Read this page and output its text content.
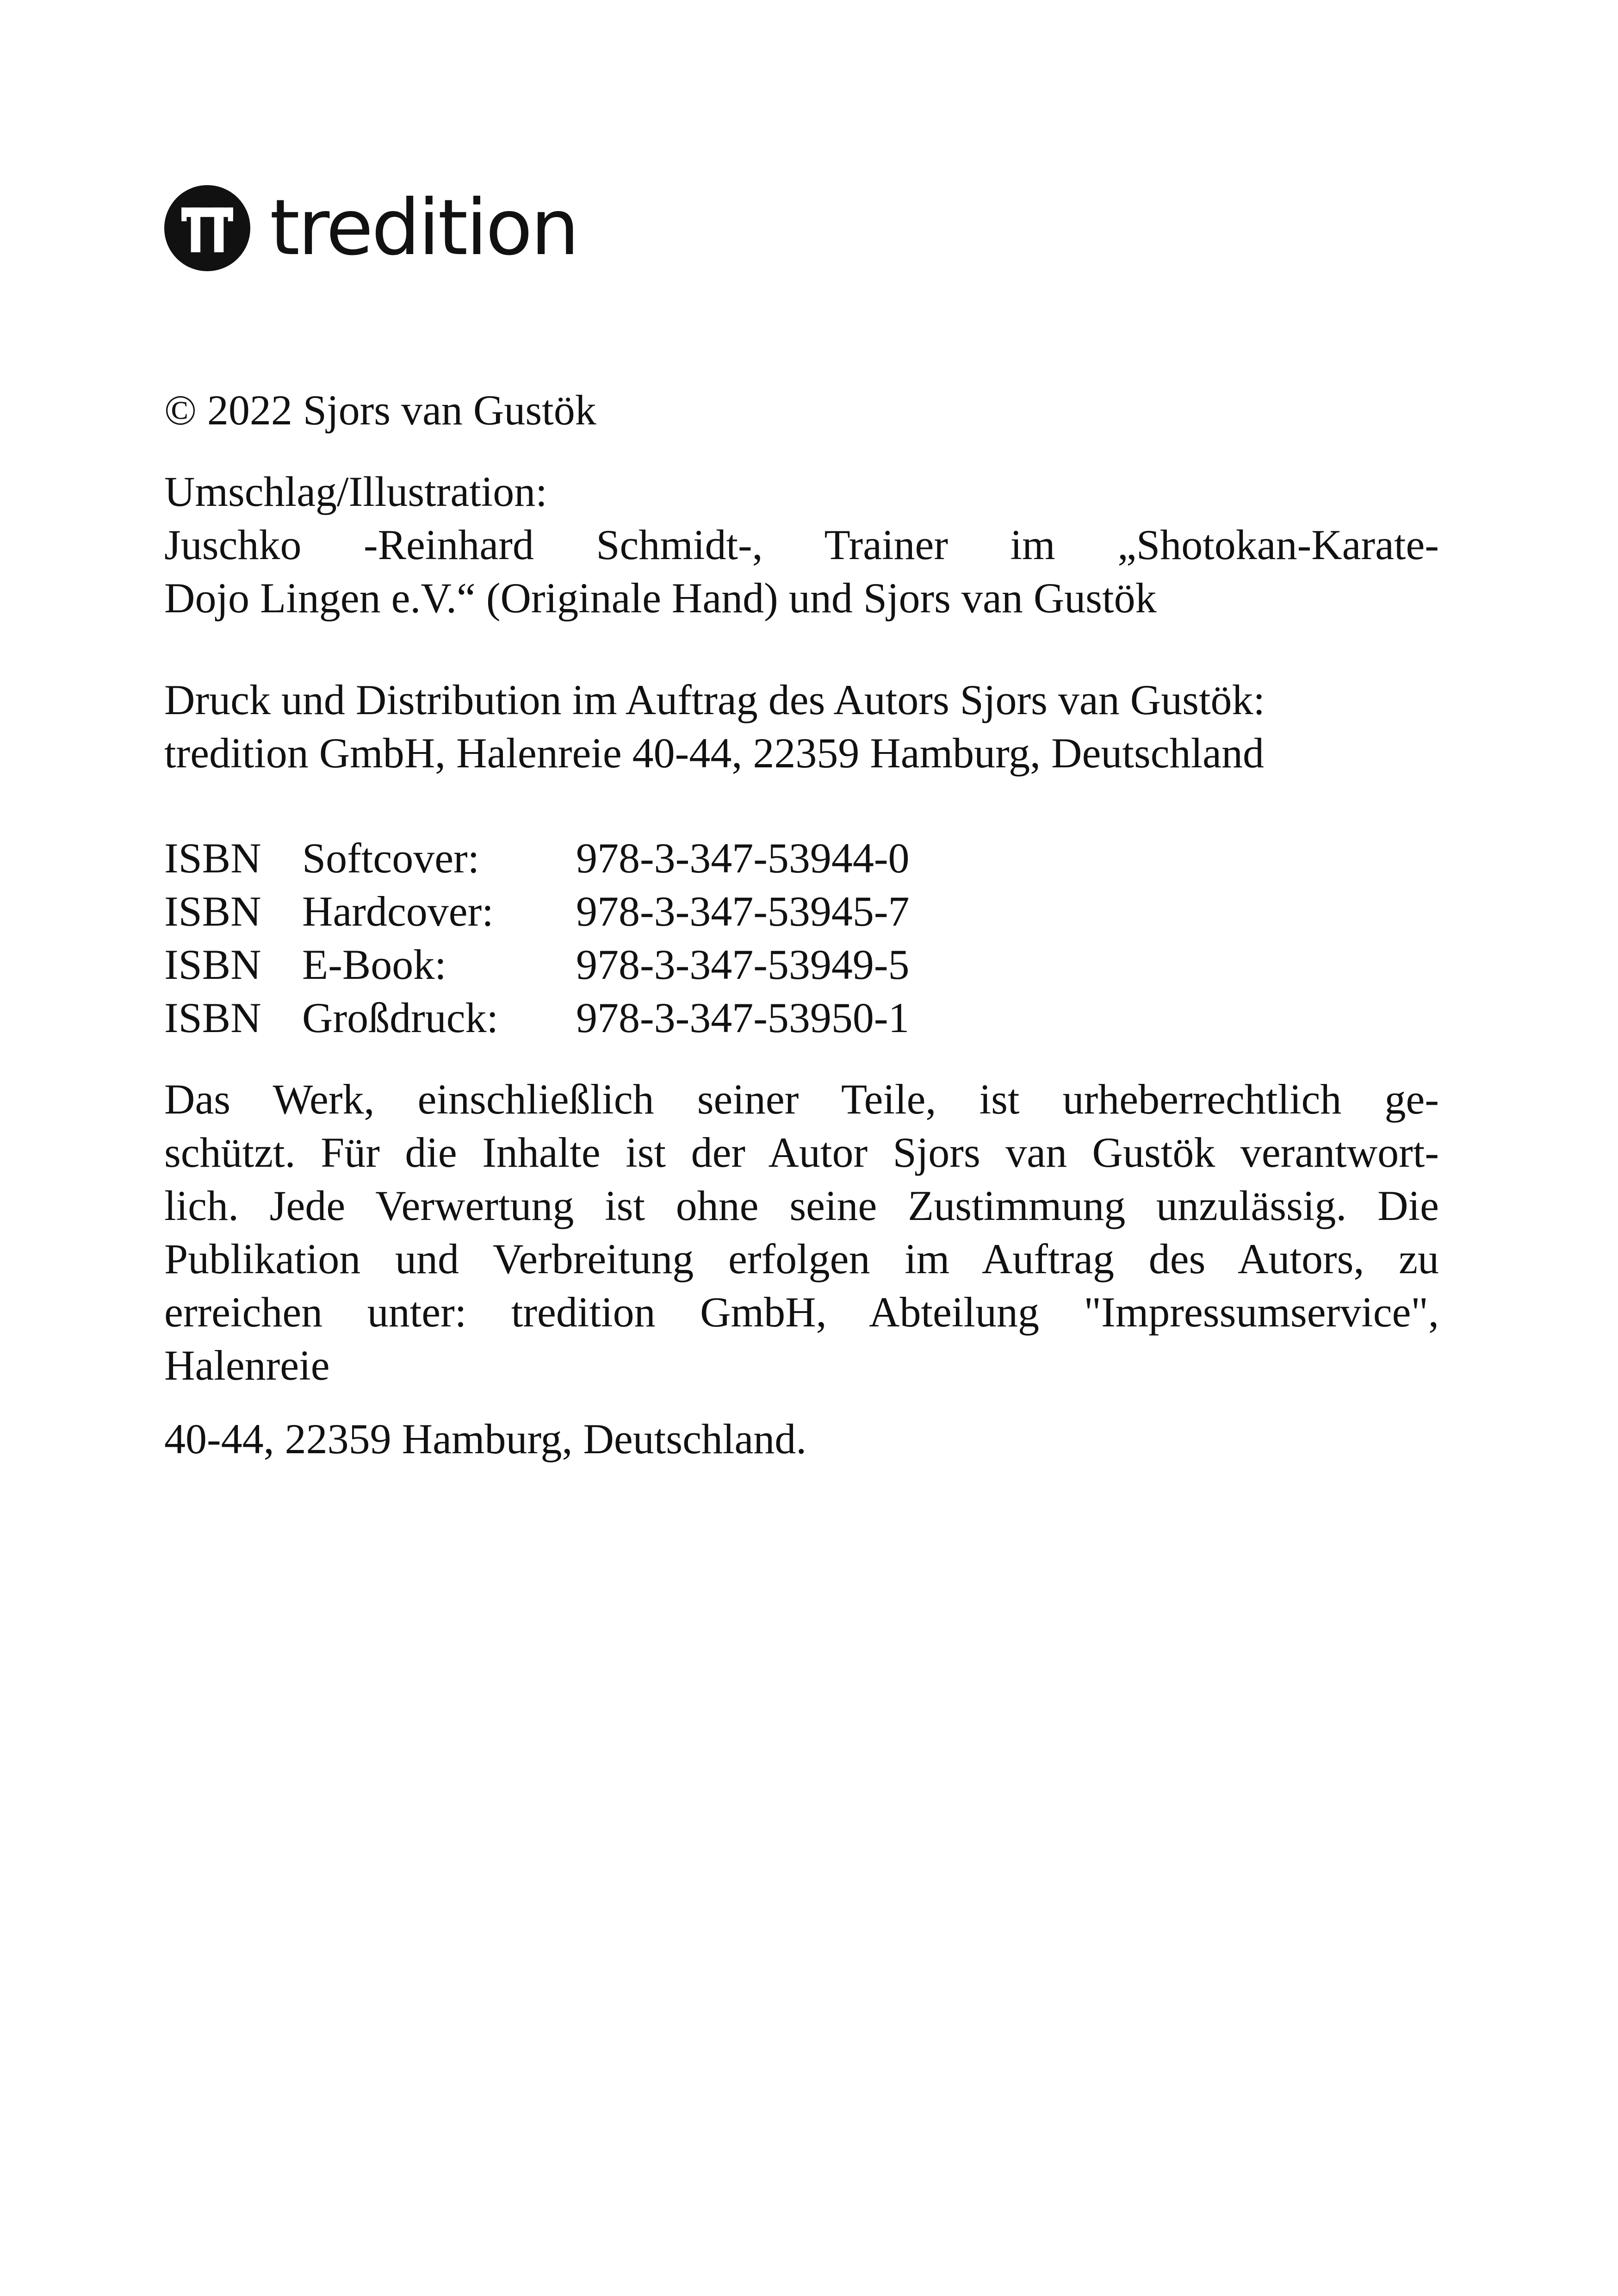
tredition
© 2022 Sjors van Gustök
Umschlag/Illustration:
Juschko -Reinhard Schmidt-, Trainer im „Shotokan-Karate-
Dojo Lingen e.V.“ (Originale Hand) und Sjors van Gustök
Druck und Distribution im Auftrag des Autors Sjors van Gustök:
tredition GmbH, Halenreie 40-44, 22359 Hamburg, Deutschland
ISBN Softcover: 978-3-347-53944-0
ISBN Hardcover: 978-3-347-53945-7
ISBN E-Book:	978-3-347-53949-5
ISBN Großdruck: 978-3-347-53950-1
Das Werk, einschließlich seiner Teile, ist urheberrechtlich ge-
schützt. Für die Inhalte ist der Autor Sjors van Gustök verantwort-
lich. Jede Verwertung ist ohne seine Zustimmung unzulässig. Die
Publikation und Verbreitung erfolgen im Auftrag des Autors, zu
erreichen unter: tredition GmbH, Abteilung "Impressumservice",
Halenreie
40-44, 22359 Hamburg, Deutschland.
